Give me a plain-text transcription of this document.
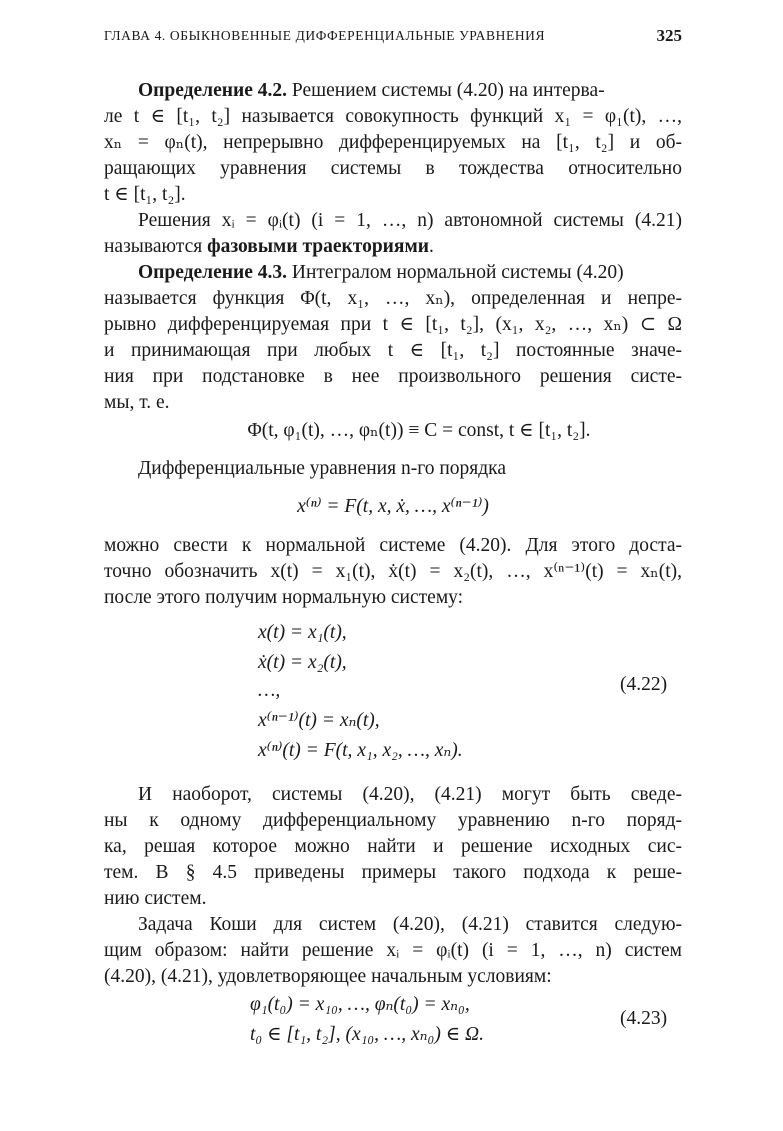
ГЛАВА 4. ОБЫКНОВЕННЫЕ ДИФФЕРЕНЦИАЛЬНЫЕ УРАВНЕНИЯ	325
Определение 4.2. Решением системы (4.20) на интерва-
ле t ∈ [t₁, t₂] называется совокупность функций x₁ = φ₁(t), …,
xₙ = φₙ(t), непрерывно дифференцируемых на [t₁, t₂] и об-
ращающих уравнения системы в тождества относительно
t ∈ [t₁, t₂].
Решения xᵢ = φᵢ(t) (i = 1, …, n) автономной системы (4.21)
называются фазовыми траекториями.
Определение 4.3. Интегралом нормальной системы (4.20)
называется функция Φ(t, x₁, …, xₙ), определенная и непре-
рывно дифференцируемая при t ∈ [t₁, t₂], (x₁, x₂, …, xₙ) ⊂ Ω
и принимающая при любых t ∈ [t₁, t₂] постоянные значе-
ния при подстановке в нее произвольного решения систе-
мы, т. е.
Φ(t, φ₁(t), …, φₙ(t)) ≡ C = const, t ∈ [t₁, t₂].
Дифференциальные уравнения n-го порядка
x⁽ⁿ⁾ = F(t, x, ẋ, …, x⁽ⁿ⁻¹⁾)
можно свести к нормальной системе (4.20). Для этого доста-
точно обозначить x(t) = x₁(t), ẋ(t) = x₂(t), …, x⁽ⁿ⁻¹⁾(t) = xₙ(t),
после этого получим нормальную систему:
x(t) = x₁(t),
ẋ(t) = x₂(t),
…,
x⁽ⁿ⁻¹⁾(t) = xₙ(t),
x⁽ⁿ⁾(t) = F(t, x₁, x₂, …, xₙ).
(4.22)
И наоборот, системы (4.20), (4.21) могут быть сведе-
ны к одному дифференциальному уравнению n-го поряд-
ка, решая которое можно найти и решение исходных сис-
тем. В § 4.5 приведены примеры такого подхода к реше-
нию систем.
Задача Коши для систем (4.20), (4.21) ставится следую-
щим образом: найти решение xᵢ = φᵢ(t) (i = 1, …, n) систем
(4.20), (4.21), удовлетворяющее начальным условиям:
φ₁(t₀) = x₁₀, …, φₙ(t₀) = xₙ₀,
t₀ ∈ [t₁, t₂], (x₁₀, …, xₙ₀) ∈ Ω.
(4.23)
